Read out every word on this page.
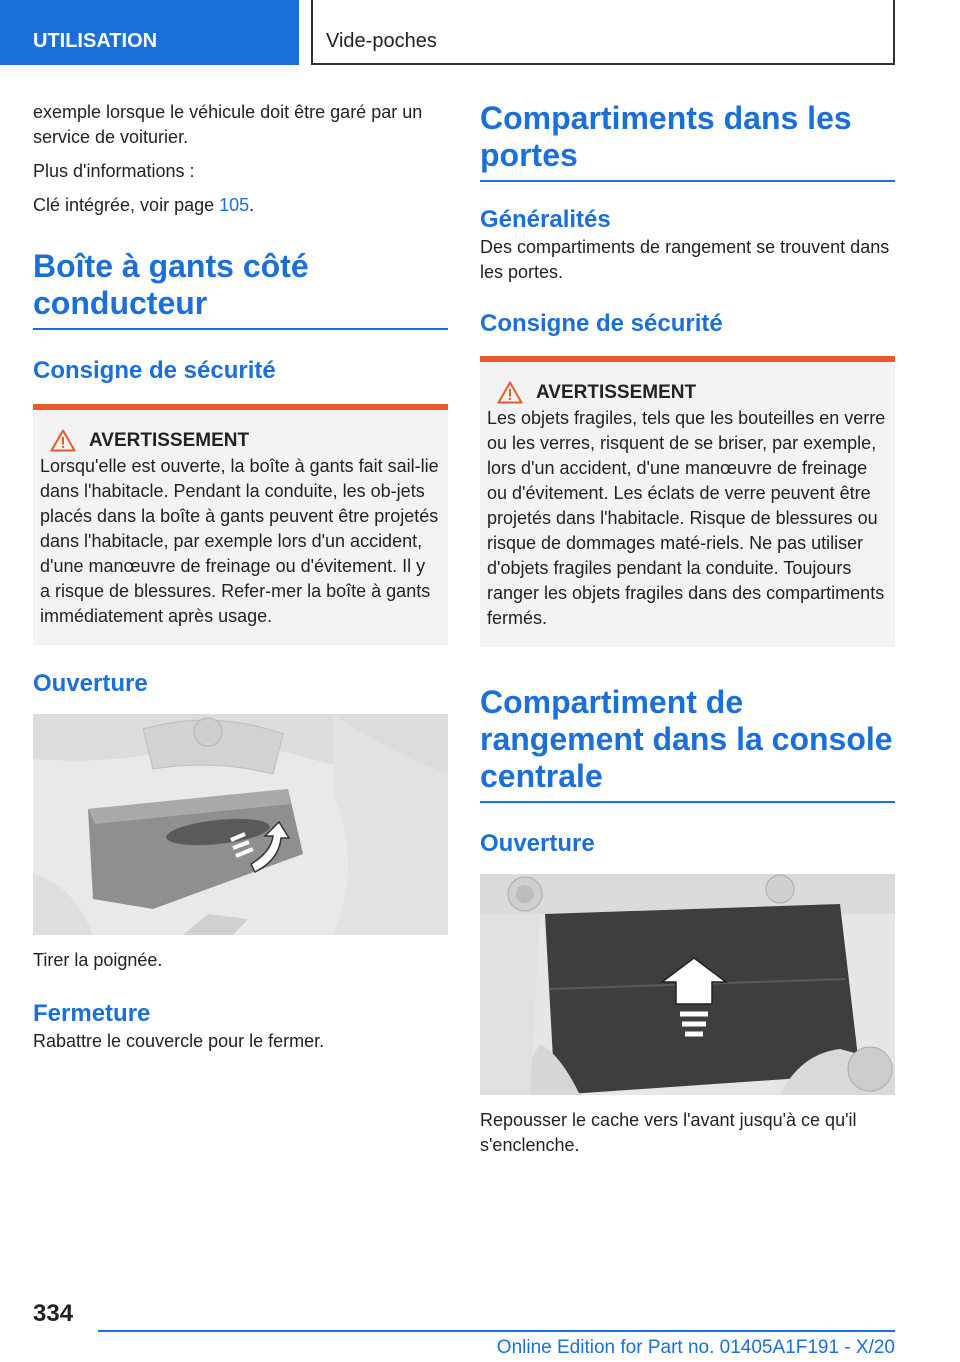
UTILISATION	Vide-poches

exemple lorsque le véhicule doit être garé par un service de voiturier.

Plus d'informations :

Clé intégrée, voir page 105.

Boîte à gants côté conducteur
Consigne de sécurité
AVERTISSEMENT

Lorsqu'elle est ouverte, la boîte à gants fait sail-lie dans l'habitacle. Pendant la conduite, les ob-jets placés dans la boîte à gants peuvent être projetés dans l'habitacle, par exemple lors d'un accident, d'une manœuvre de freinage ou d'évitement. Il y a risque de blessures. Refer-mer la boîte à gants immédiatement après usage.

Ouverture

Tirer la poignée.

Fermeture

Rabattre le couvercle pour le fermer.

Compartiments dans les portes
Généralités

Des compartiments de rangement se trouvent dans les portes.

Consigne de sécurité
AVERTISSEMENT

Les objets fragiles, tels que les bouteilles en verre ou les verres, risquent de se briser, par exemple, lors d'un accident, d'une manœuvre de freinage ou d'évitement. Les éclats de verre peuvent être projetés dans l'habitacle. Risque de blessures ou risque de dommages maté-riels. Ne pas utiliser d'objets fragiles pendant la conduite. Toujours ranger les objets fragiles dans des compartiments fermés.

Compartiment de rangement dans la console centrale
Ouverture

Repousser le cache vers l'avant jusqu'à ce qu'il s'enclenche.

334
Online Edition for Part no. 01405A1F191 - X/20
